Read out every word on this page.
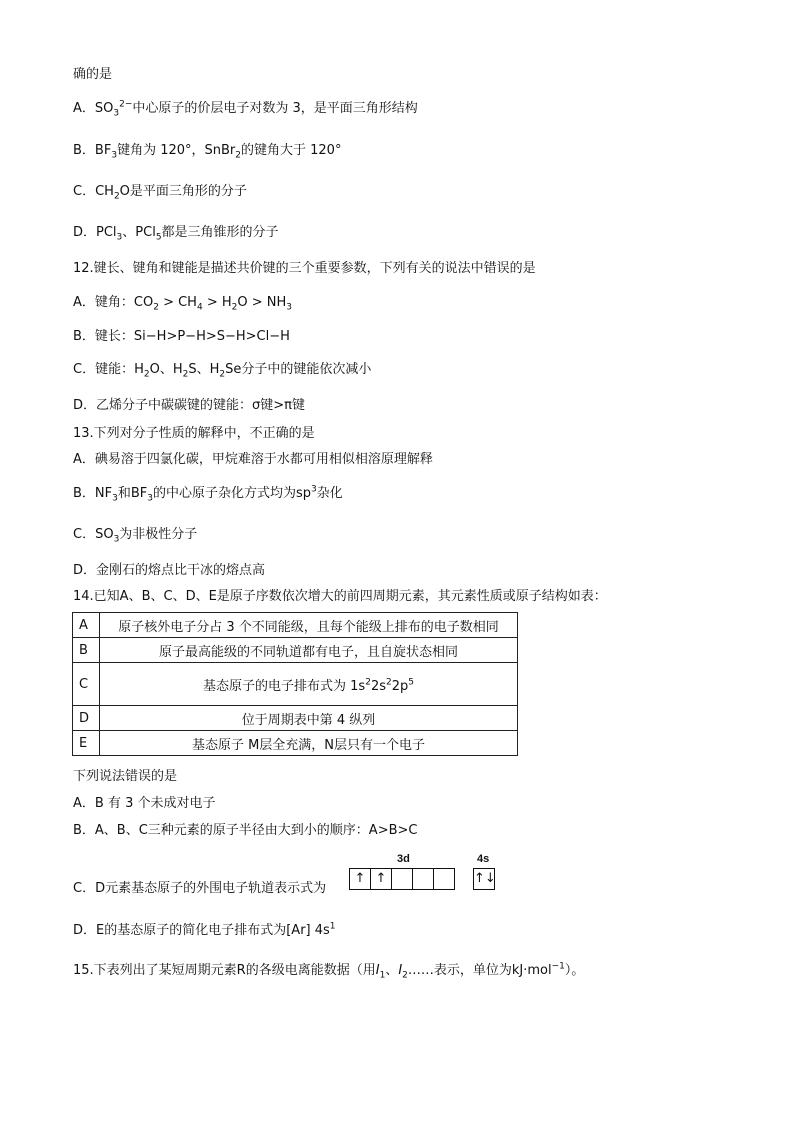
确的是
A．$SO_3^{2-}$中心原子的价层电子对数为 3，是平面三角形结构
B．$BF_3$键角为 120°，SnBr$_2$的键角大于 120°
C．$CH_2O$是平面三角形的分子
D．PCl$_3$、PCl$_5$都是三角锥形的分子
12.键长、键角和键能是描述共价键的三个重要参数，下列有关的说法中错误的是
A．键角：$CO_2 > CH_4 > H_2O > NH_3$
B．键长：Si−H>P−H>S−H>Cl−H
C．键能：$H_2O$、$H_2S$、$H_2Se$分子中的键能依次减小
D．乙烯分子中碳碳键的键能：σ键>π键
13.下列对分子性质的解释中，不正确的是
A．碘易溶于四氯化碳，甲烷难溶于水都可用相似相溶原理解释
B．$NF_3$和$BF_3$的中心原子杂化方式均为$sp^3$杂化
C．$SO_3$为非极性分子
D．金刚石的熔点比干冰的熔点高
14.已知A、B、C、D、E是原子序数依次增大的前四周期元素，其元素性质或原子结构如表：
A	原子核外电子分占 3 个不同能级，且每个能级上排布的电子数相同
B	原子最高能级的不同轨道都有电子，且自旋状态相同
C	基态原子的电子排布式为 $1s^22s^22p^5$
D	位于周期表中第 4 纵列
E	基态原子 M层全充满，N层只有一个电子
下列说法错误的是
A．B 有 3 个未成对电子
B．A、B、C三种元素的原子半径由大到小的顺序：A>B>C
C．D元素基态原子的外围电子轨道表示式为
3d	4s
↑ ↑	↑↓
D．E的基态原子的简化电子排布式为[Ar] $4s^1$
15.下表列出了某短周期元素R的各级电离能数据（用$I_1$、$I_2\dots\dots$表示，单位为kJ·mol$^{-1}$）。
